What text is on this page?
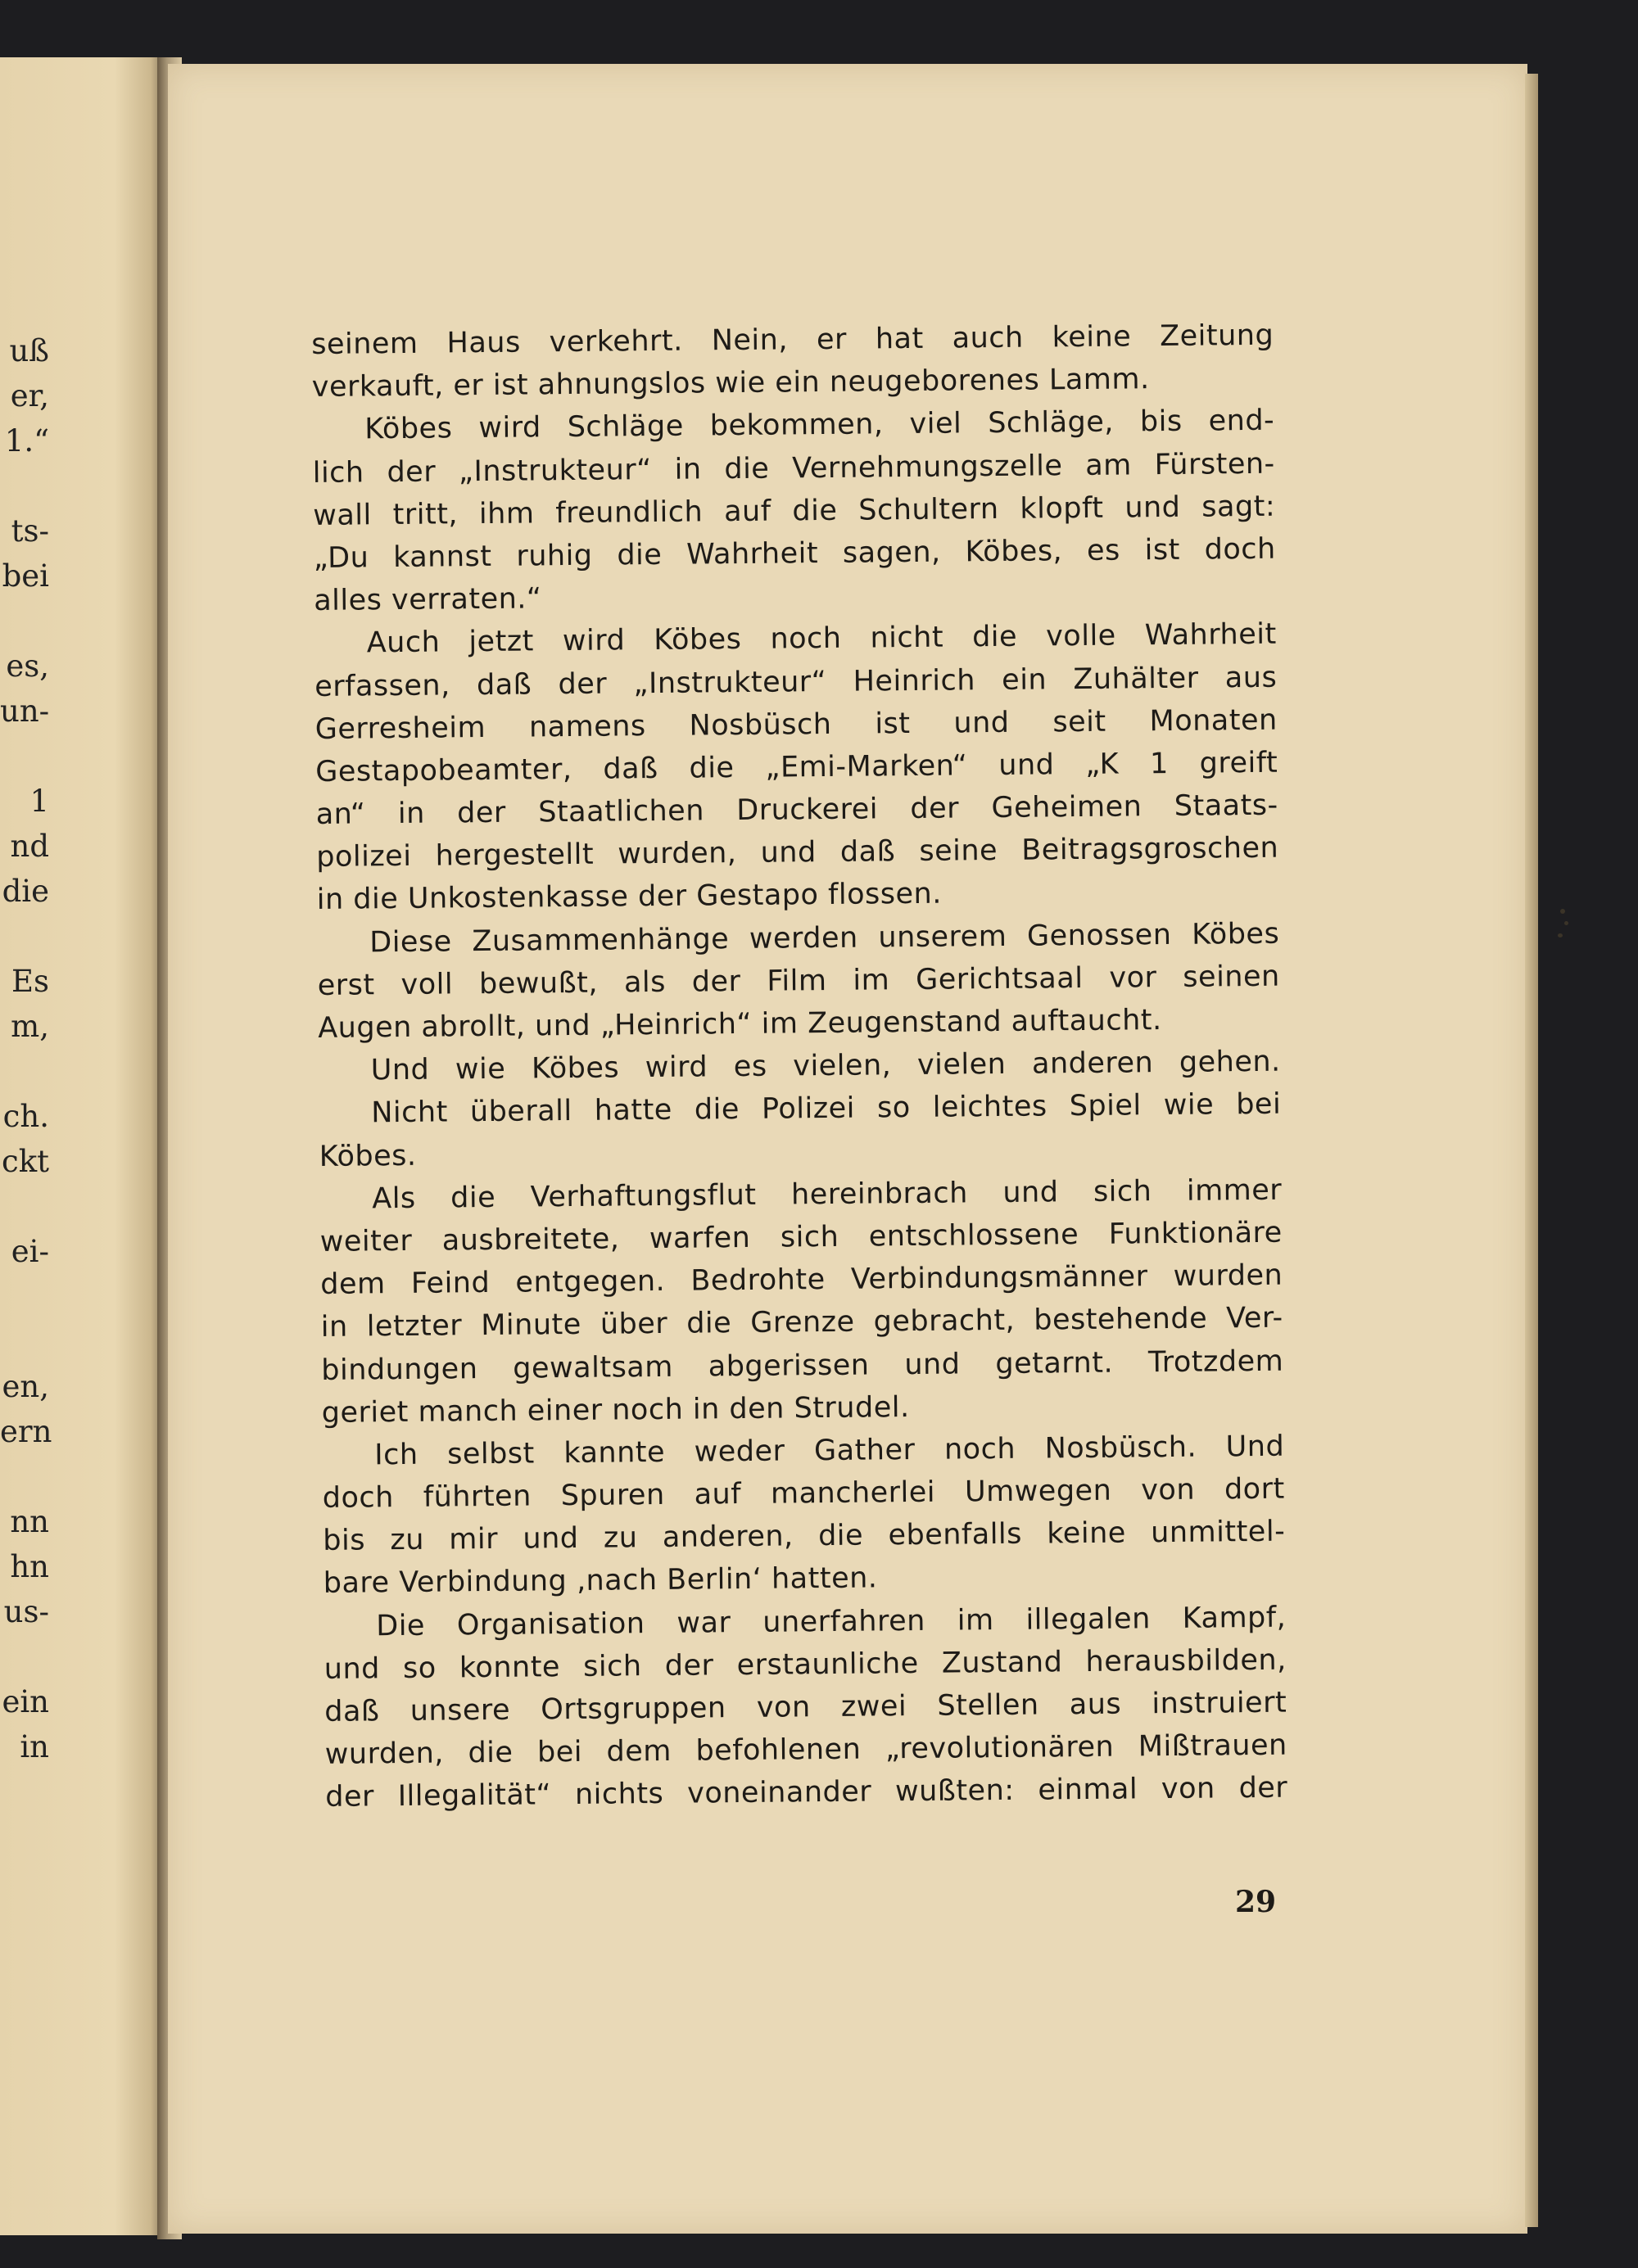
uß
er,
1.“
ts-
bei
es,
un-
1
nd
die
Es
m,
ch.
ckt
ei-
en,
ern
nn
hn
us-
ein
in
seinem Haus verkehrt. Nein, er hat auch keine Zeitung
verkauft, er ist ahnungslos wie ein neugeborenes Lamm.
Köbes wird Schläge bekommen, viel Schläge, bis end-
lich der „Instrukteur“ in die Vernehmungszelle am Fürsten-
wall tritt, ihm freundlich auf die Schultern klopft und sagt:
„Du kannst ruhig die Wahrheit sagen, Köbes, es ist doch
alles verraten.“
Auch jetzt wird Köbes noch nicht die volle Wahrheit
erfassen, daß der „Instrukteur“ Heinrich ein Zuhälter aus
Gerresheim namens Nosbüsch ist und seit Monaten
Gestapobeamter, daß die „Emi-Marken“ und „K 1 greift
an“ in der Staatlichen Druckerei der Geheimen Staats-
polizei hergestellt wurden, und daß seine Beitragsgroschen
in die Unkostenkasse der Gestapo flossen.
Diese Zusammenhänge werden unserem Genossen Köbes
erst voll bewußt, als der Film im Gerichtsaal vor seinen
Augen abrollt, und „Heinrich“ im Zeugenstand auftaucht.
Und wie Köbes wird es vielen, vielen anderen gehen.
Nicht überall hatte die Polizei so leichtes Spiel wie bei
Köbes.
Als die Verhaftungsflut hereinbrach und sich immer
weiter ausbreitete, warfen sich entschlossene Funktionäre
dem Feind entgegen. Bedrohte Verbindungsmänner wurden
in letzter Minute über die Grenze gebracht, bestehende Ver-
bindungen gewaltsam abgerissen und getarnt. Trotzdem
geriet manch einer noch in den Strudel.
Ich selbst kannte weder Gather noch Nosbüsch. Und
doch führten Spuren auf mancherlei Umwegen von dort
bis zu mir und zu anderen, die ebenfalls keine unmittel-
bare Verbindung ‚nach Berlin‘ hatten.
Die Organisation war unerfahren im illegalen Kampf,
und so konnte sich der erstaunliche Zustand herausbilden,
daß unsere Ortsgruppen von zwei Stellen aus instruiert
wurden, die bei dem befohlenen „revolutionären Mißtrauen
der Illegalität“ nichts voneinander wußten: einmal von der
29
